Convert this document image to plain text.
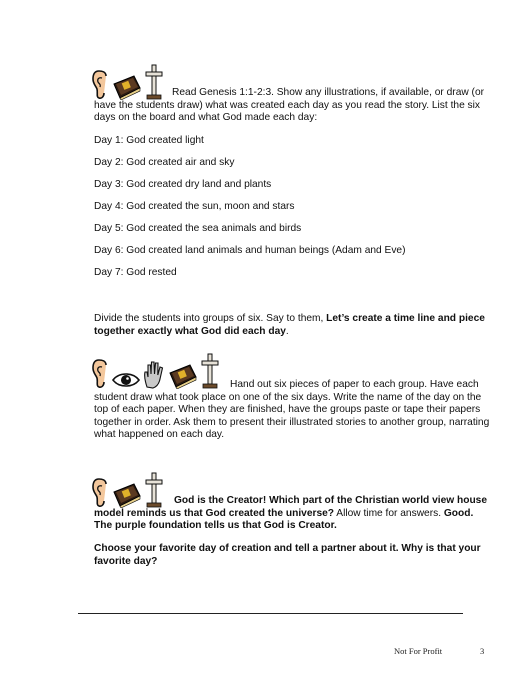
Read Genesis 1:1-2:3. Show any illustrations, if available, or draw (or have the students draw) what was created each day as you read the story. List the six days on the board and what God made each day:

Day 1: God created light

Day 2: God created air and sky

Day 3: God created dry land and plants

Day 4: God created the sun, moon and stars

Day 5: God created the sea animals and birds

Day 6: God created land animals and human beings (Adam and Eve)

Day 7: God rested

Divide the students into groups of six. Say to them, Let’s create a time line and piece together exactly what God did each day.

Hand out six pieces of paper to each group. Have each student draw what took place on one of the six days. Write the name of the day on the top of each paper. When they are finished, have the groups paste or tape their papers together in order. Ask them to present their illustrated stories to another group, narrating what happened on each day.

God is the Creator! Which part of the Christian world view house model reminds us that God created the universe? Allow time for answers. Good. The purple foundation tells us that God is Creator.

Choose your favorite day of creation and tell a partner about it. Why is that your favorite day?

Not For Profit	3
